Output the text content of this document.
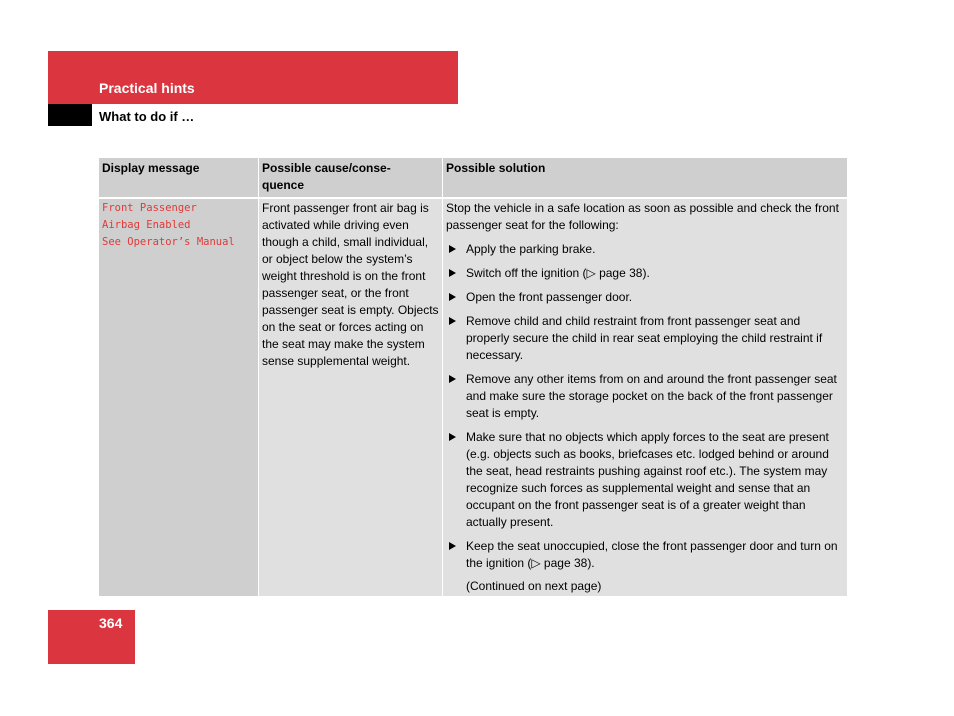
Practical hints
What to do if …
Display message	Possible cause/conse-
quence
Possible solution
Front Passenger
Airbag Enabled
See Operator’s Manual
Front passenger front air bag is activated while driving even though a child, small individual, or object below the system’s weight threshold is on the front passenger seat, or the front passenger seat is empty. Objects on the seat or forces acting on the seat may make the system sense supplemental weight.
Stop the vehicle in a safe location as soon as possible and check the front passenger seat for the following:
Apply the parking brake.
Switch off the ignition (▷ page 38).
Open the front passenger door.
Remove child and child restraint from front passenger seat and properly secure the child in rear seat employing the child restraint if necessary.
Remove any other items from on and around the front passenger seat and make sure the storage pocket on the back of the front passenger seat is empty.
Make sure that no objects which apply forces to the seat are present (e.g. objects such as books, briefcases etc. lodged behind or around the seat, head restraints pushing against roof etc.). The system may recognize such forces as supplemental weight and sense that an occupant on the front passenger seat is of a greater weight than actually present.
Keep the seat unoccupied, close the front passenger door and turn on the ignition (▷ page 38).
(Continued on next page)
364
